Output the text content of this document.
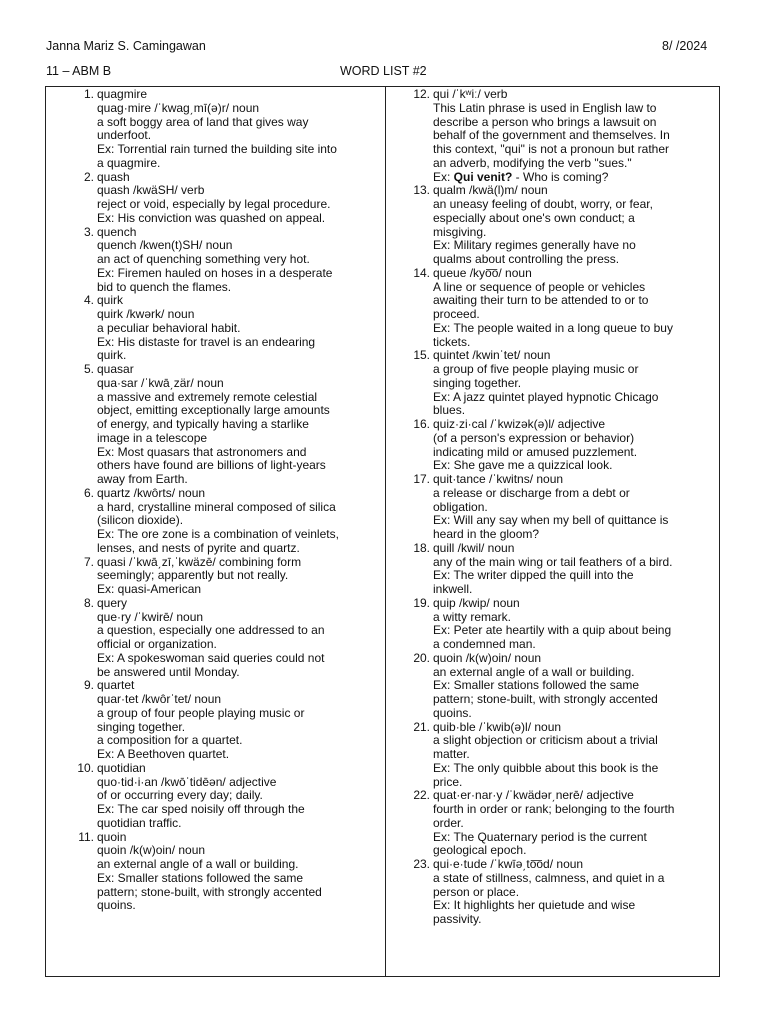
Janna Mariz S. Camingawan	8/ /2024
11 – ABM B	WORD LIST #2
1. quagmire
quag·mire /ˈkwag͵mī(ə)r/ noun
a soft boggy area of land that gives way
underfoot.
Ex: Torrential rain turned the building site into
a quagmire.
2. quash
quash /kwäSH/ verb
reject or void, especially by legal procedure.
Ex: His conviction was quashed on appeal.
3. quench
quench /kwen(t)SH/ noun
an act of quenching something very hot.
Ex: Firemen hauled on hoses in a desperate
bid to quench the flames.
4. quirk
quirk /kwərk/ noun
a peculiar behavioral habit.
Ex: His distaste for travel is an endearing
quirk.
5. quasar
qua·sar /ˈkwā͵zär/ noun
a massive and extremely remote celestial
object, emitting exceptionally large amounts
of energy, and typically having a starlike
image in a telescope
Ex: Most quasars that astronomers and
others have found are billions of light-years
away from Earth.
6. quartz /kwôrts/ noun
a hard, crystalline mineral composed of silica
(silicon dioxide).
Ex: The ore zone is a combination of veinlets,
lenses, and nests of pyrite and quartz.
7. quasi /ˈkwā͵zī,ˈkwäzē/ combining form
seemingly; apparently but not really.
Ex: quasi-American
8. query
que·ry /ˈkwirē/ noun
a question, especially one addressed to an
official or organization.
Ex: A spokeswoman said queries could not
be answered until Monday.
9. quartet
quar·tet /kwôrˈtet/ noun
a group of four people playing music or
singing together.
a composition for a quartet.
Ex: A Beethoven quartet.
10. quotidian
quo·tid·i·an /kwōˈtidēən/ adjective
of or occurring every day; daily.
Ex: The car sped noisily off through the
quotidian traffic.
11. quoin
quoin /k(w)oin/ noun
an external angle of a wall or building.
Ex: Smaller stations followed the same
pattern; stone-built, with strongly accented
quoins.
12. qui /ˈkʷiː/ verb
This Latin phrase is used in English law to
describe a person who brings a lawsuit on
behalf of the government and themselves. In
this context, "qui" is not a pronoun but rather
an adverb, modifying the verb "sues."
Ex: Qui venit? - Who is coming?
13. qualm /kwä(l)m/ noun
an uneasy feeling of doubt, worry, or fear,
especially about one's own conduct; a
misgiving.
Ex: Military regimes generally have no
qualms about controlling the press.
14. queue /kyo͞o/ noun
A line or sequence of people or vehicles
awaiting their turn to be attended to or to
proceed.
Ex: The people waited in a long queue to buy
tickets.
15. quintet /kwinˈtet/ noun
a group of five people playing music or
singing together.
Ex: A jazz quintet played hypnotic Chicago
blues.
16. quiz·zi·cal /ˈkwizək(ə)l/ adjective
(of a person's expression or behavior)
indicating mild or amused puzzlement.
Ex: She gave me a quizzical look.
17. quit·tance /ˈkwitns/ noun
a release or discharge from a debt or
obligation.
Ex: Will any say when my bell of quittance is
heard in the gloom?
18. quill /kwil/ noun
any of the main wing or tail feathers of a bird.
Ex: The writer dipped the quill into the
inkwell.
19. quip /kwip/ noun
a witty remark.
Ex: Peter ate heartily with a quip about being
a condemned man.
20. quoin /k(w)oin/ noun
an external angle of a wall or building.
Ex: Smaller stations followed the same
pattern; stone-built, with strongly accented
quoins.
21. quib·ble /ˈkwib(ə)l/ noun
a slight objection or criticism about a trivial
matter.
Ex: The only quibble about this book is the
price.
22. quat·er·nar·y /ˈkwädər͵nerē/ adjective
fourth in order or rank; belonging to the fourth
order.
Ex: The Quaternary period is the current
geological epoch.
23. qui·e·tude /ˈkwīə͵to͞od/ noun
a state of stillness, calmness, and quiet in a
person or place.
Ex: It highlights her quietude and wise
passivity.
